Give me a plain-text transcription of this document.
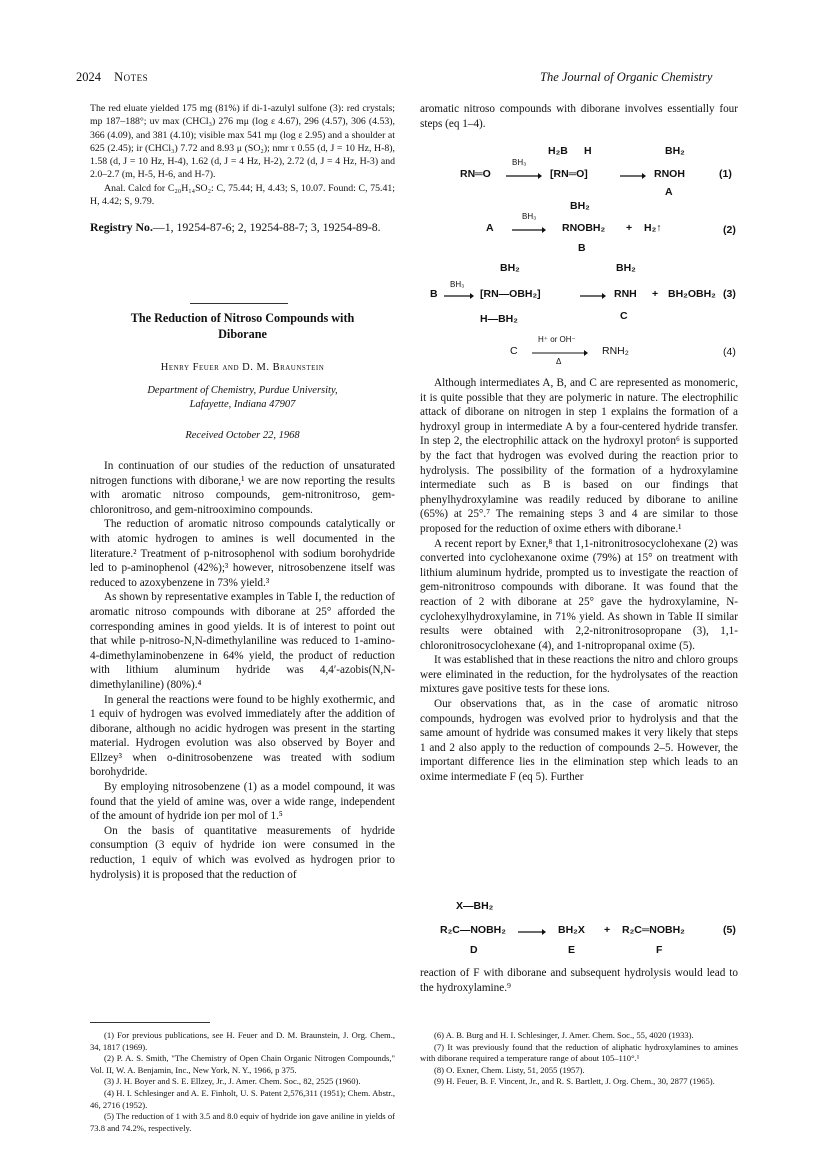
2024 Notes	The Journal of Organic Chemistry

The red eluate yielded 175 mg (81%) if di-1-azulyl sulfone (3): red crystals; mp 187–188°; uv max (CHCl₃) 276 mμ (log ε 4.67), 296 (4.57), 306 (4.53), 366 (4.09), and 381 (4.10); visible max 541 mμ (log ε 2.95) and a shoulder at 625 (2.45); ir (CHCl₃) 7.72 and 8.93 μ (SO₂); nmr τ 0.55 (d, J = 10 Hz, H-8), 1.58 (d, J = 10 Hz, H-4), 1.62 (d, J = 4 Hz, H-2), 2.72 (d, J = 4 Hz, H-3) and 2.0–2.7 (m, H-5, H-6, and H-7).

Anal. Calcd for C₂₀H₁₄SO₂: C, 75.44; H, 4.43; S, 10.07. Found: C, 75.41; H, 4.42; S, 9.79.

Registry No.—1, 19254-87-6; 2, 19254-88-7; 3, 19254-89-8.

The Reduction of Nitroso Compounds with
Diborane
Henry Feuer and D. M. Braunstein
Department of Chemistry, Purdue University,
Lafayette, Indiana 47907
Received October 22, 1968

In continuation of our studies of the reduction of unsaturated nitrogen functions with diborane,¹ we are now reporting the results with aromatic nitroso compounds, gem-nitronitroso, gem-chloronitroso, and gem-nitrooximino compounds.

The reduction of aromatic nitroso compounds catalytically or with atomic hydrogen to amines is well documented in the literature.² Treatment of p-nitrosophenol with sodium borohydride led to p-aminophenol (42%);³ however, nitrosobenzene itself was reduced to azoxybenzene in 73% yield.³

As shown by representative examples in Table I, the reduction of aromatic nitroso compounds with diborane at 25° afforded the corresponding amines in good yields. It is of interest to point out that while p-nitroso-N,N-dimethylaniline was reduced to 1-amino-4-dimethylaminobenzene in 64% yield, the product of reduction with lithium aluminum hydride was 4,4′-azobis(N,N-dimethylaniline) (80%).⁴

In general the reactions were found to be highly exothermic, and 1 equiv of hydrogen was evolved immediately after the addition of diborane, although no acidic hydrogen was present in the starting material. Hydrogen evolution was also observed by Boyer and Ellzey³ when o-dinitrosobenzene was treated with sodium borohydride.

By employing nitrosobenzene (1) as a model compound, it was found that the yield of amine was, over a wide range, independent of the amount of hydride ion per mol of 1.⁵

On the basis of quantitative measurements of hydride consumption (3 equiv of hydride ion were consumed in the reduction, 1 equiv of which was evolved as hydrogen prior to hydrolysis) it is proposed that the reduction of

aromatic nitroso compounds with diborane involves essentially four steps (eq 1–4).

RN═O
BH₃
H₂B H
[RN═O]
BH₂
RNOH
A
(1)
A
BH₃
BH₂
RNOBH₂ + H₂↑
B
(2)
B
BH₃
BH₂
[RN—OBH₂]
H—BH₂
BH₂
RNH + BH₂OBH₂
C
(3)
C
H⁺ or OH⁻
Δ
RNH₂	(4)

Although intermediates A, B, and C are represented as monomeric, it is quite possible that they are polymeric in nature. The electrophilic attack of diborane on nitrogen in step 1 explains the formation of a hydroxyl group in intermediate A by a four-centered hydride transfer. In step 2, the electrophilic attack on the hydroxyl proton⁶ is supported by the fact that hydrogen was evolved during the reaction prior to hydrolysis. The possibility of the formation of a hydroxylamine intermediate such as B is based on our findings that phenylhydroxylamine was readily reduced by diborane to aniline (65%) at 25°.⁷ The remaining steps 3 and 4 are similar to those proposed for the reduction of oxime ethers with diborane.¹

A recent report by Exner,⁸ that 1,1-nitronitrosocyclohexane (2) was converted into cyclohexanone oxime (79%) at 15° on treatment with lithium aluminum hydride, prompted us to investigate the reaction of gem-nitronitroso compounds with diborane. It was found that the reaction of 2 with diborane at 25° gave the hydroxylamine, N-cyclohexylhydroxylamine, in 71% yield. As shown in Table II similar results were obtained with 2,2-nitronitrosopropane (3), 1,1-chloronitrosocyclohexane (4), and 1-nitropropanal oxime (5).

It was established that in these reactions the nitro and chloro groups were eliminated in the reduction, for the hydrolysates of the reaction mixtures gave positive tests for these ions.

Our observations that, as in the case of aromatic nitroso compounds, hydrogen was evolved prior to hydrolysis and that the same amount of hydride was consumed makes it very likely that steps 1 and 2 also apply to the reduction of compounds 2–5. However, the important difference lies in the elimination step which leads to an oxime intermediate F (eq 5). Further

X—BH₂
R₂C—NOBH₂
D
BH₂X
E
+ R₂C═NOBH₂
F
(5)

reaction of F with diborane and subsequent hydrolysis would lead to the hydroxylamine.⁹

(1) For previous publications, see H. Feuer and D. M. Braunstein, J. Org. Chem., 34, 1817 (1969).

(2) P. A. S. Smith, "The Chemistry of Open Chain Organic Nitrogen Compounds," Vol. II, W. A. Benjamin, Inc., New York, N. Y., 1966, p 375.

(3) J. H. Boyer and S. E. Ellzey, Jr., J. Amer. Chem. Soc., 82, 2525 (1960).

(4) H. I. Schlesinger and A. E. Finholt, U. S. Patent 2,576,311 (1951); Chem. Abstr., 46, 2716 (1952).

(5) The reduction of 1 with 3.5 and 8.0 equiv of hydride ion gave aniline in yields of 73.8 and 74.2%, respectively.

(6) A. B. Burg and H. I. Schlesinger, J. Amer. Chem. Soc., 55, 4020 (1933).

(7) It was previously found that the reduction of aliphatic hydroxylamines to amines with diborane required a temperature range of about 105–110°.¹

(8) O. Exner, Chem. Listy, 51, 2055 (1957).

(9) H. Feuer, B. F. Vincent, Jr., and R. S. Bartlett, J. Org. Chem., 30, 2877 (1965).
